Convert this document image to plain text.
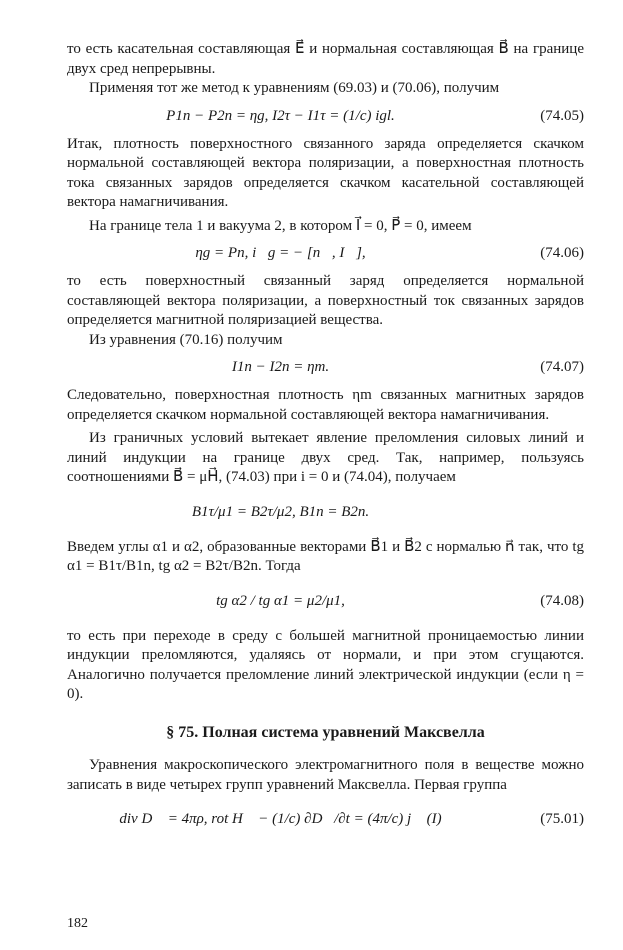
то есть касательная составляющая E⃗ и нормальная составляющая B⃗ на границе двух сред непрерывны.

Применяя тот же метод к уравнениям (69.03) и (70.06), получим

P1n − P2n = ηg, I2τ − I1τ = (1/c) igl.	(74.05)

Итак, плотность поверхностного связанного заряда определяется скачком нормальной составляющей вектора поляризации, а поверхностная плотность тока связанных зарядов определяется скачком касательной составляющей вектора намагничивания.

На границе тела 1 и вакуума 2, в котором I⃗ = 0, P⃗ = 0, имеем

ηg = Pn, i⃗g = − [n⃗, I⃗],	(74.06)

то есть поверхностный связанный заряд определяется нормальной составляющей вектора поляризации, а поверхностный ток связанных зарядов определяется магнитной поляризацией вещества.

Из уравнения (70.16) получим

I1n − I2n = ηm.	(74.07)

Следовательно, поверхностная плотность ηm связанных магнитных зарядов определяется скачком нормальной составляющей вектора намагничивания.

Из граничных условий вытекает явление преломления силовых линий и линий индукции на границе двух сред. Так, например, пользуясь соотношениями B⃗ = μH⃗, (74.03) при i = 0 и (74.04), получаем

B1τ/μ1 = B2τ/μ2, B1n = B2n.

Введем углы α1 и α2, образованные векторами B⃗1 и B⃗2 с нормалью n⃗ так, что tg α1 = B1τ/B1n, tg α2 = B2τ/B2n. Тогда

tg α2 / tg α1 = μ2/μ1,	(74.08)

то есть при переходе в среду с большей магнитной проницаемостью линии индукции преломляются, удаляясь от нормали, и при этом сгущаются. Аналогично получается преломление линий электрической индукции (если η = 0).

§ 75. Полная система уравнений Максвелла

Уравнения макроскопического электромагнитного поля в веществе можно записать в виде четырех групп уравнений Максвелла. Первая группа

div D⃗ = 4πρ, rot H⃗ − (1/c) ∂D⃗/∂t = (4π/c) j⃗ (I)	(75.01)
182
